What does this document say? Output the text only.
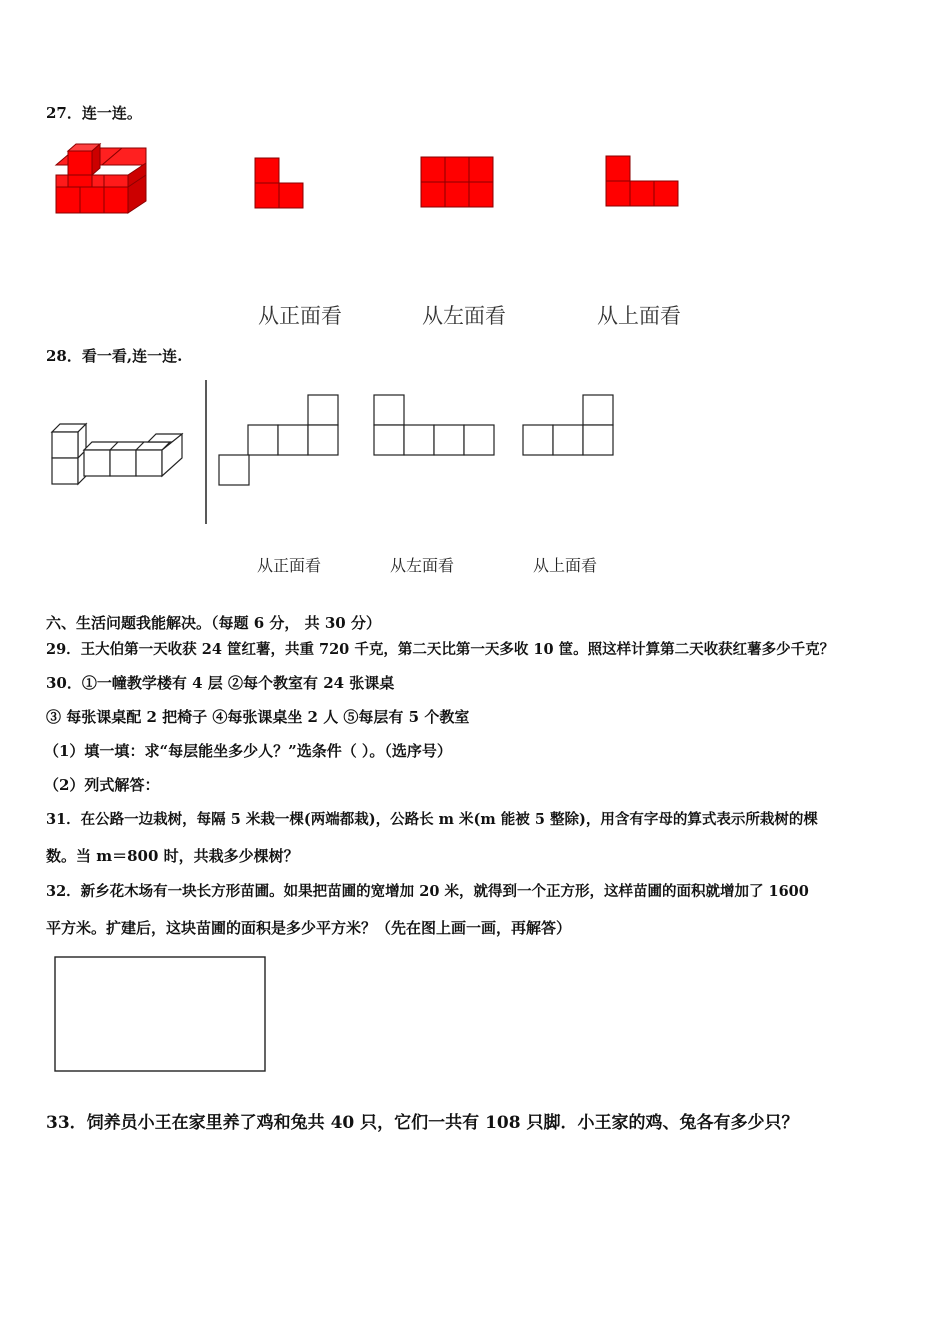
27．连一连。
从正面看	从左面看	从上面看
28．看一看,连一连.
从正面看	从左面看	从上面看
六、生活问题我能解决。（每题 6 分， 共 30 分）
29．王大伯第一天收获 24 筐红薯，共重 720 千克，第二天比第一天多收 10 筐。照这样计算第二天收获红薯多少千克？
30．①一幢教学楼有 4 层 ②每个教室有 24 张课桌
③ 每张课桌配 2 把椅子 ④每张课桌坐 2 人 ⑤每层有 5 个教室
（1）填一填：求“每层能坐多少人？”选条件（ ）。（选序号）
（2）列式解答：
31．在公路一边栽树，每隔 5 米栽一棵(两端都栽)，公路长 m 米(m 能被 5 整除)，用含有字母的算式表示所栽树的棵
数。当 m＝800 时，共栽多少棵树？
32．新乡花木场有一块长方形苗圃。如果把苗圃的宽增加 20 米，就得到一个正方形，这样苗圃的面积就增加了 1600
平方米。扩建后，这块苗圃的面积是多少平方米？（先在图上画一画，再解答）
33．饲养员小王在家里养了鸡和兔共 40 只，它们一共有 108 只脚．小王家的鸡、兔各有多少只？
